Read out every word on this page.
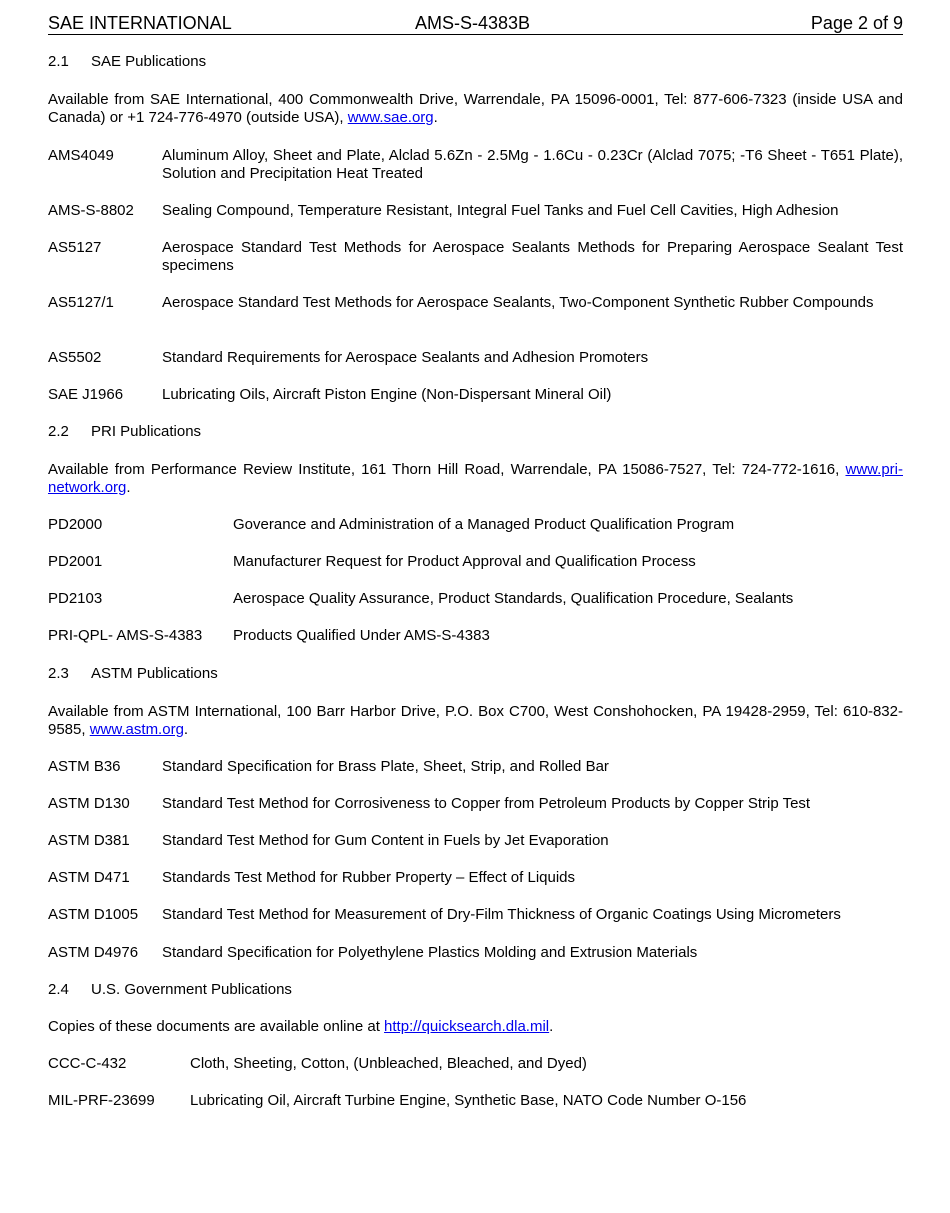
SAE INTERNATIONAL	AMS-S-4383B	Page 2 of 9
2.1 SAE Publications
Available from SAE International, 400 Commonwealth Drive, Warrendale, PA 15096-0001, Tel: 877-606-7323 (inside USA and Canada) or +1 724-776-4970 (outside USA), www.sae.org.
AMS4049	Aluminum Alloy, Sheet and Plate, Alclad 5.6Zn - 2.5Mg - 1.6Cu - 0.23Cr (Alclad 7075; -T6 Sheet - T651 Plate), Solution and Precipitation Heat Treated
AMS-S-8802 Sealing Compound, Temperature Resistant, Integral Fuel Tanks and Fuel Cell Cavities, High Adhesion
AS5127	Aerospace Standard Test Methods for Aerospace Sealants Methods for Preparing Aerospace Sealant Test specimens
AS5127/1	Aerospace Standard Test Methods for Aerospace Sealants, Two-Component Synthetic Rubber Compounds
AS5502	Standard Requirements for Aerospace Sealants and Adhesion Promoters
SAE J1966	Lubricating Oils, Aircraft Piston Engine (Non-Dispersant Mineral Oil)
2.2 PRI Publications
Available from Performance Review Institute, 161 Thorn Hill Road, Warrendale, PA 15086-7527, Tel: 724-772-1616, www.pri-network.org.
PD2000	Goverance and Administration of a Managed Product Qualification Program
PD2001	Manufacturer Request for Product Approval and Qualification Process
PD2103	Aerospace Quality Assurance, Product Standards, Qualification Procedure, Sealants
PRI-QPL- AMS-S-4383 Products Qualified Under AMS-S-4383
2.3 ASTM Publications
Available from ASTM International, 100 Barr Harbor Drive, P.O. Box C700, West Conshohocken, PA 19428-2959, Tel: 610-832-9585, www.astm.org.
ASTM B36	Standard Specification for Brass Plate, Sheet, Strip, and Rolled Bar
ASTM D130 Standard Test Method for Corrosiveness to Copper from Petroleum Products by Copper Strip Test
ASTM D381 Standard Test Method for Gum Content in Fuels by Jet Evaporation
ASTM D471 Standards Test Method for Rubber Property – Effect of Liquids
ASTM D1005 Standard Test Method for Measurement of Dry-Film Thickness of Organic Coatings Using Micrometers
ASTM D4976 Standard Specification for Polyethylene Plastics Molding and Extrusion Materials
2.4 U.S. Government Publications
Copies of these documents are available online at http://quicksearch.dla.mil.
CCC-C-432	Cloth, Sheeting, Cotton, (Unbleached, Bleached, and Dyed)
MIL-PRF-23699 Lubricating Oil, Aircraft Turbine Engine, Synthetic Base, NATO Code Number O-156
